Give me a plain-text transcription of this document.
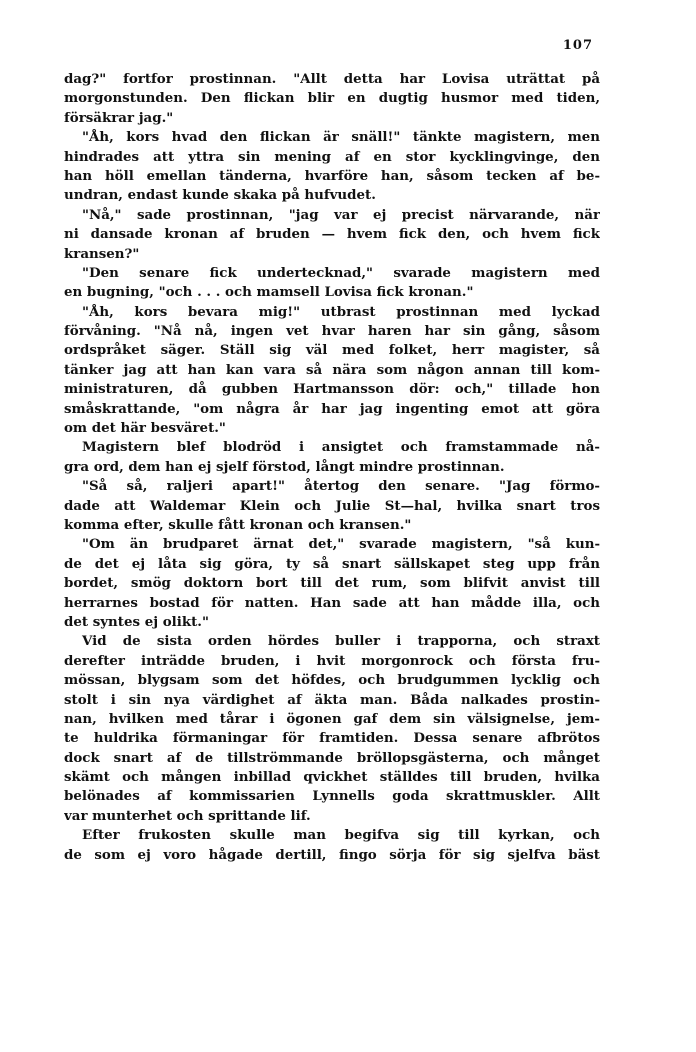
107
dag?" fortfor prostinnan. "Allt detta har Lovisa uträttat på
morgonstunden. Den flickan blir en dugtig husmor med tiden,
försäkrar jag."
"Åh, kors hvad den flickan är snäll!" tänkte magistern, men
hindrades att yttra sin mening af en stor kycklingvinge, den
han höll emellan tänderna, hvarföre han, såsom tecken af be-
undran, endast kunde skaka på hufvudet.
"Nå," sade prostinnan, "jag var ej precist närvarande, när
ni dansade kronan af bruden — hvem fick den, och hvem fick
kransen?"
"Den senare fick undertecknad," svarade magistern med
en bugning, "och . . . och mamsell Lovisa fick kronan."
"Åh, kors bevara mig!" utbrast prostinnan med lyckad
förvåning. "Nå nå, ingen vet hvar haren har sin gång, såsom
ordspråket säger. Ställ sig väl med folket, herr magister, så
tänker jag att han kan vara så nära som någon annan till kom-
ministraturen, då gubben Hartmansson dör: och," tillade hon
småskrattande, "om några år har jag ingenting emot att göra
om det här besväret."
Magistern blef blodröd i ansigtet och framstammade nå-
gra ord, dem han ej sjelf förstod, långt mindre prostinnan.
"Så så, raljeri apart!" återtog den senare. "Jag förmo-
dade att Waldemar Klein och Julie St—hal, hvilka snart tros
komma efter, skulle fått kronan och kransen."
"Om än brudparet ärnat det," svarade magistern, "så kun-
de det ej låta sig göra, ty så snart sällskapet steg upp från
bordet, smög doktorn bort till det rum, som blifvit anvist till
herrarnes bostad för natten. Han sade att han mådde illa, och
det syntes ej olikt."
Vid de sista orden hördes buller i trapporna, och straxt
derefter inträdde bruden, i hvit morgonrock och första fru-
mössan, blygsam som det höfdes, och brudgummen lycklig och
stolt i sin nya värdighet af äkta man. Båda nalkades prostin-
nan, hvilken med tårar i ögonen gaf dem sin välsignelse, jem-
te huldrika förmaningar för framtiden. Dessa senare afbrötos
dock snart af de tillströmmande bröllopsgästerna, och månget
skämt och mången inbillad qvickhet ställdes till bruden, hvilka
belönades af kommissarien Lynnells goda skrattmuskler. Allt
var munterhet och sprittande lif.
Efter frukosten skulle man begifva sig till kyrkan, och
de som ej voro hågade dertill, fingo sörja för sig sjelfva bäst
